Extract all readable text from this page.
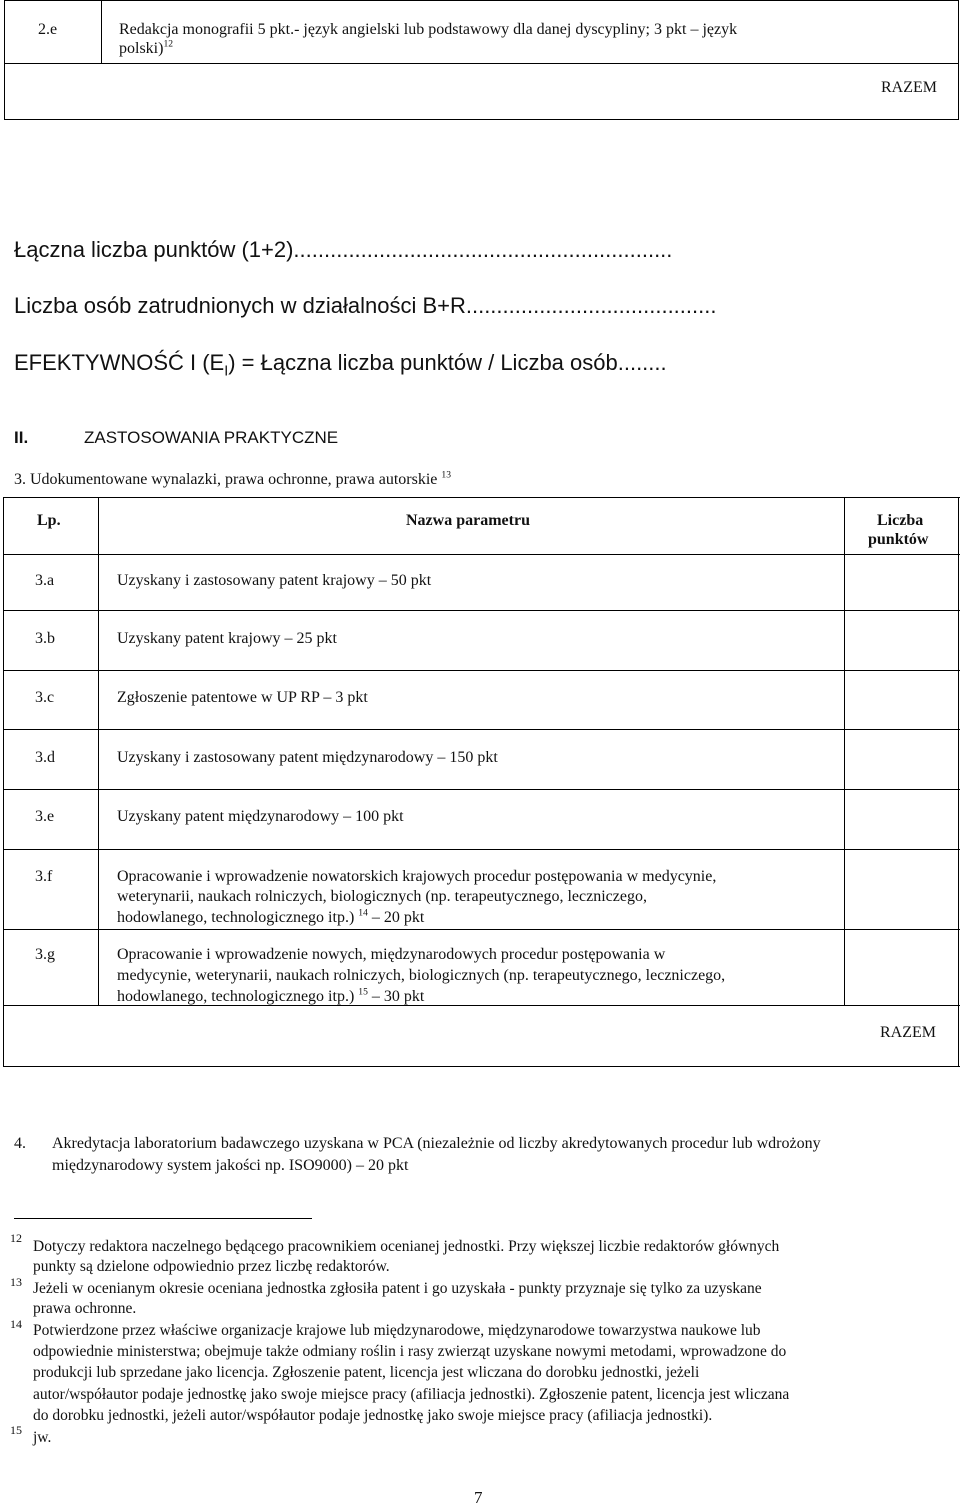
2.e	Redakcja monografii 5 pkt.- język angielski lub podstawowy dla danej dyscypliny; 3 pkt – język
polski)$^{12}$
RAZEM
Łączna liczba punktów (1+2)..............................................................
Liczba osób zatrudnionych w działalności B+R.........................................
EFEKTYWNOŚĆ I $(E_I)$ = Łączna liczba punktów / Liczba osób........
II.	ZASTOSOWANIA PRAKTYCZNE
3. Udokumentowane wynalazki, prawa ochronne, prawa autorskie $^{13}$
Lp.	Nazwa parametru	Liczba
punktów
3.a	Uzyskany i zastosowany patent krajowy – 50 pkt
3.b	Uzyskany patent krajowy – 25 pkt
3.c	Zgłoszenie patentowe w UP RP – 3 pkt
3.d	Uzyskany i zastosowany patent międzynarodowy – 150 pkt
3.e	Uzyskany patent międzynarodowy – 100 pkt
3.f	Opracowanie i wprowadzenie nowatorskich krajowych procedur postępowania w medycynie,
weterynarii, naukach rolniczych, biologicznych (np. terapeutycznego, leczniczego,
hodowlanego, technologicznego itp.) $^{14}$ – 20 pkt
3.g	Opracowanie i wprowadzenie nowych, międzynarodowych procedur postępowania w
medycynie, weterynarii, naukach rolniczych, biologicznych (np. terapeutycznego, leczniczego,
hodowlanego, technologicznego itp.) $^{15}$ – 30 pkt
RAZEM
4. Akredytacja laboratorium badawczego uzyskana w PCA (niezależnie od liczby akredytowanych procedur lub wdrożony
międzynarodowy system jakości np. ISO9000) – 20 pkt
12 Dotyczy redaktora naczelnego będącego pracownikiem ocenianej jednostki. Przy większej liczbie redaktorów głównych
punkty są dzielone odpowiednio przez liczbę redaktorów.
13 Jeżeli w ocenianym okresie oceniana jednostka zgłosiła patent i go uzyskała - punkty przyznaje się tylko za uzyskane
prawa ochronne.
14 Potwierdzone przez właściwe organizacje krajowe lub międzynarodowe, międzynarodowe towarzystwa naukowe lub
odpowiednie ministerstwa; obejmuje także odmiany roślin i rasy zwierząt uzyskane nowymi metodami, wprowadzone do
produkcji lub sprzedane jako licencja. Zgłoszenie patent, licencja jest wliczana do dorobku jednostki, jeżeli
autor/współautor podaje jednostkę jako swoje miejsce pracy (afiliacja jednostki). Zgłoszenie patent, licencja jest wliczana
do dorobku jednostki, jeżeli autor/współautor podaje jednostkę jako swoje miejsce pracy (afiliacja jednostki).
15 jw.
7
